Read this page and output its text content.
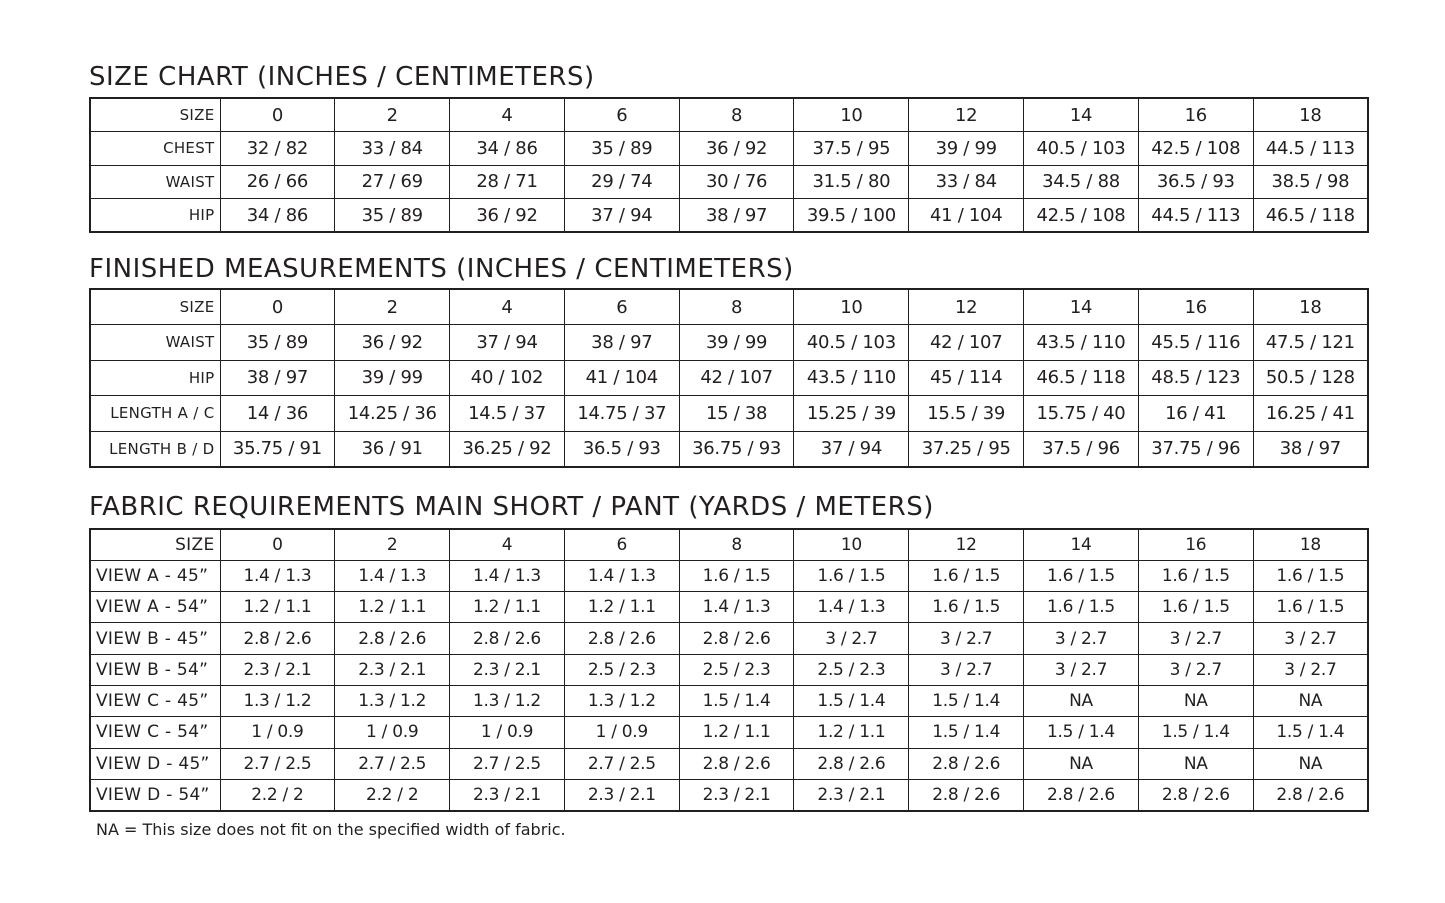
SIZE CHART (INCHES / CENTIMETERS)
SIZE	0	2	4	6	8	10	12	14	16	18
CHEST	32 / 82	33 / 84	34 / 86	35 / 89	36 / 92	37.5 / 95	39 / 99	40.5 / 103	42.5 / 108	44.5 / 113
WAIST	26 / 66	27 / 69	28 / 71	29 / 74	30 / 76	31.5 / 80	33 / 84	34.5 / 88	36.5 / 93	38.5 / 98
HIP	34 / 86	35 / 89	36 / 92	37 / 94	38 / 97	39.5 / 100	41 / 104	42.5 / 108	44.5 / 113	46.5 / 118
FINISHED MEASUREMENTS (INCHES / CENTIMETERS)
SIZE	0	2	4	6	8	10	12	14	16	18
WAIST	35 / 89	36 / 92	37 / 94	38 / 97	39 / 99	40.5 / 103	42 / 107	43.5 / 110	45.5 / 116	47.5 / 121
HIP	38 / 97	39 / 99	40 / 102	41 / 104	42 / 107	43.5 / 110	45 / 114	46.5 / 118	48.5 / 123	50.5 / 128
LENGTH A / C	14 / 36	14.25 / 36	14.5 / 37	14.75 / 37	15 / 38	15.25 / 39	15.5 / 39	15.75 / 40	16 / 41	16.25 / 41
LENGTH B / D	35.75 / 91	36 / 91	36.25 / 92	36.5 / 93	36.75 / 93	37 / 94	37.25 / 95	37.5 / 96	37.75 / 96	38 / 97
FABRIC REQUIREMENTS MAIN SHORT / PANT (YARDS / METERS)
SIZE	0	2	4	6	8	10	12	14	16	18
VIEW A - 45”	1.4 / 1.3	1.4 / 1.3	1.4 / 1.3	1.4 / 1.3	1.6 / 1.5	1.6 / 1.5	1.6 / 1.5	1.6 / 1.5	1.6 / 1.5	1.6 / 1.5
VIEW A - 54”	1.2 / 1.1	1.2 / 1.1	1.2 / 1.1	1.2 / 1.1	1.4 / 1.3	1.4 / 1.3	1.6 / 1.5	1.6 / 1.5	1.6 / 1.5	1.6 / 1.5
VIEW B - 45”	2.8 / 2.6	2.8 / 2.6	2.8 / 2.6	2.8 / 2.6	2.8 / 2.6	3 / 2.7	3 / 2.7	3 / 2.7	3 / 2.7	3 / 2.7
VIEW B - 54”	2.3 / 2.1	2.3 / 2.1	2.3 / 2.1	2.5 / 2.3	2.5 / 2.3	2.5 / 2.3	3 / 2.7	3 / 2.7	3 / 2.7	3 / 2.7
VIEW C - 45”	1.3 / 1.2	1.3 / 1.2	1.3 / 1.2	1.3 / 1.2	1.5 / 1.4	1.5 / 1.4	1.5 / 1.4	NA	NA	NA
VIEW C - 54”	1 / 0.9	1 / 0.9	1 / 0.9	1 / 0.9	1.2 / 1.1	1.2 / 1.1	1.5 / 1.4	1.5 / 1.4	1.5 / 1.4	1.5 / 1.4
VIEW D - 45”	2.7 / 2.5	2.7 / 2.5	2.7 / 2.5	2.7 / 2.5	2.8 / 2.6	2.8 / 2.6	2.8 / 2.6	NA	NA	NA
VIEW D - 54”	2.2 / 2	2.2 / 2	2.3 / 2.1	2.3 / 2.1	2.3 / 2.1	2.3 / 2.1	2.8 / 2.6	2.8 / 2.6	2.8 / 2.6	2.8 / 2.6
NA = This size does not fit on the specified width of fabric.
